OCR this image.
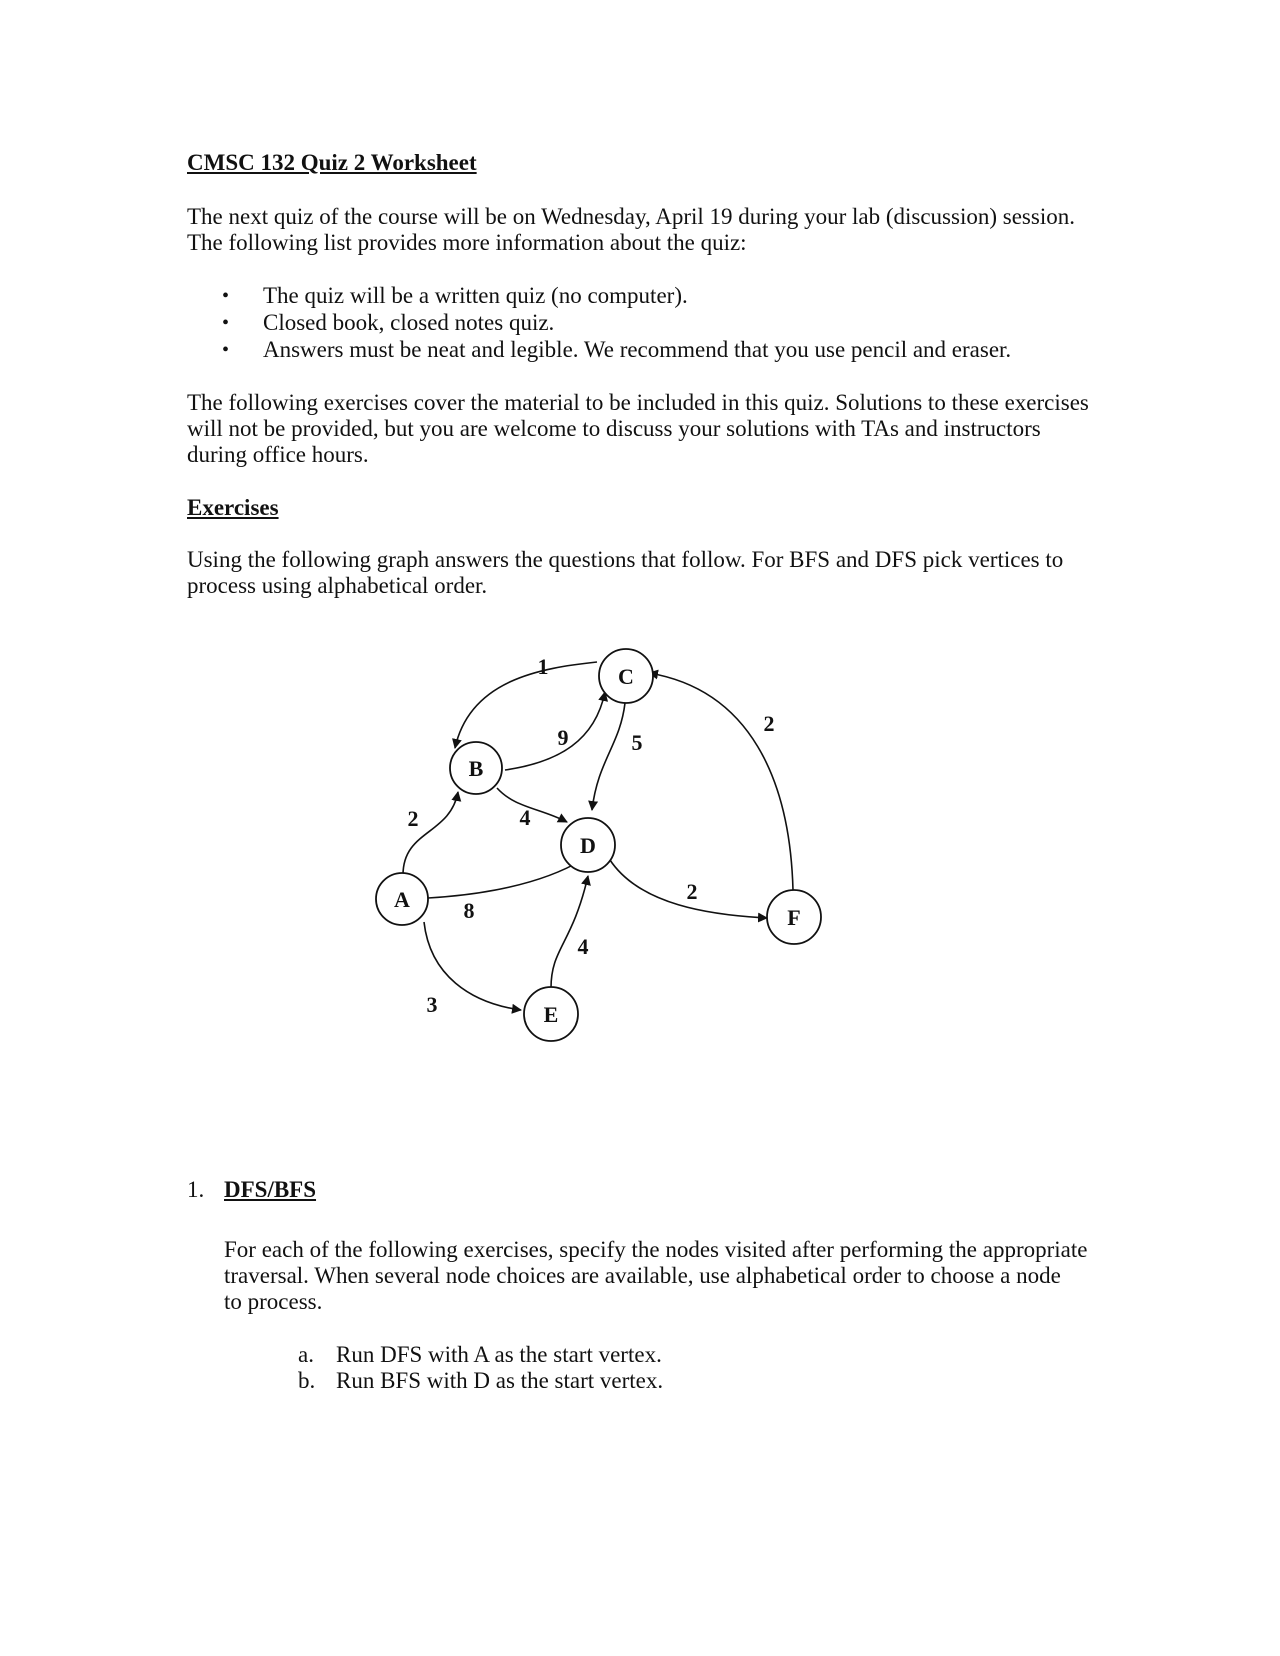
CMSC 132 Quiz 2 Worksheet
The next quiz of the course will be on Wednesday, April 19 during your lab (discussion) session.
The following list provides more information about the quiz:
• The quiz will be a written quiz (no computer).
• Closed book, closed notes quiz.
• Answers must be neat and legible. We recommend that you use pencil and eraser.
The following exercises cover the material to be included in this quiz. Solutions to these exercises
will not be provided, but you are welcome to discuss your solutions with TAs and instructors
during office hours.
Exercises
Using the following graph answers the questions that follow. For BFS and DFS pick vertices to
process using alphabetical order.
A
B
C
D
E
F
1
9	5
2
2	4
8
2
4
3
1. DFS/BFS
For each of the following exercises, specify the nodes visited after performing the appropriate
traversal. When several node choices are available, use alphabetical order to choose a node
to process.
a. Run DFS with A as the start vertex.
b. Run BFS with D as the start vertex.
